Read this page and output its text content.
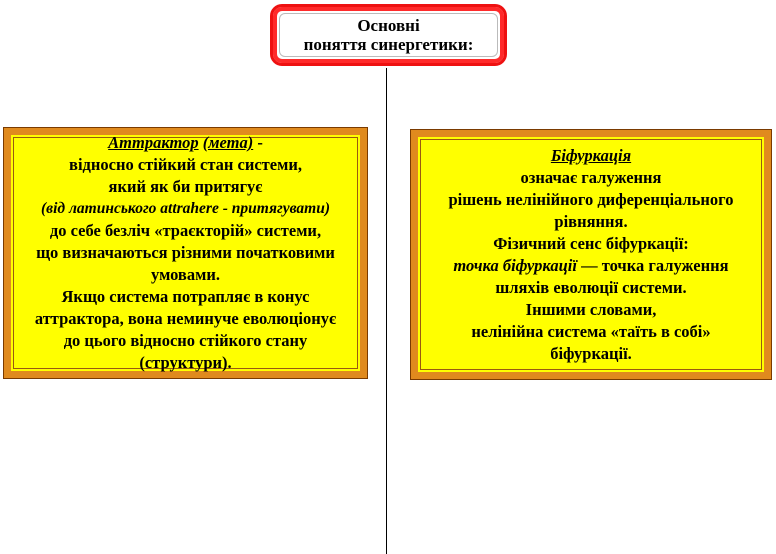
Основні
поняття синергетики:
Аттрактор (мета) -
відносно стійкий стан системи,
який як би притягує
(від латинського attrahere - притягувати)
до себе безліч «траєкторій» системи,
що визначаються різними початковими
умовами.
Якщо система потрапляє в конус
аттрактора, вона неминуче еволюціонує
до цього відносно стійкого стану
(структури).
Біфуркація
означає галуження
рішень нелінійного диференціального
рівняння.
Фізичний сенс біфуркації:
точка біфуркації — точка галуження
шляхів еволюції системи.
Іншими словами,
нелінійна система «таїть в собі»
біфуркації.
